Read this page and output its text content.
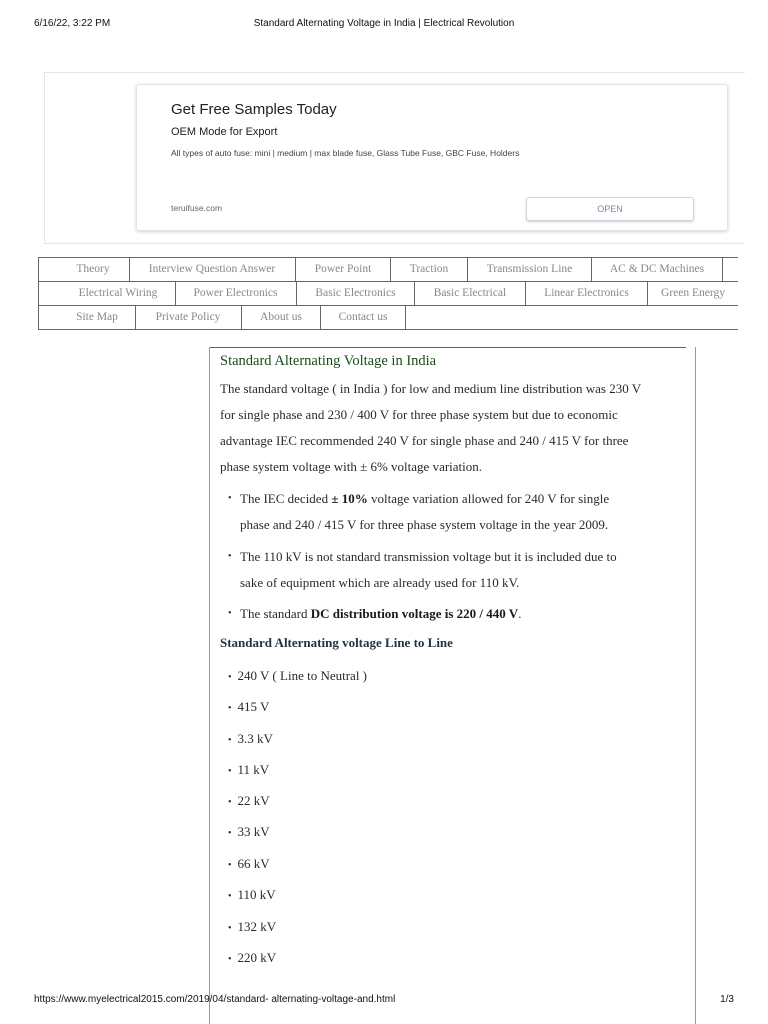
6/16/22, 3:22 PM	Standard Alternating Voltage in India | Electrical Revolution
Get Free Samples Today
OEM Mode for Export
All types of auto fuse: mini | medium | max blade fuse, Glass Tube Fuse, GBC Fuse, Holders
teruifuse.com	OPEN
Theory	Interview Question Answer	Power Point	Traction	Transmission Line	AC & DC Machines
Electrical Wiring	Power Electronics	Basic Electronics	Basic Electrical	Linear Electronics	Green Energy
Site Map	Private Policy	About us	Contact us
Standard Alternating Voltage in India
The standard voltage ( in India ) for low and medium line distribution was 230 V
for single phase and 230 / 400 V for three phase system but due to economic
advantage IEC recommended 240 V for single phase and 240 / 415 V for three
phase system voltage with ± 6% voltage variation.
• The IEC decided ± 10% voltage variation allowed for 240 V for single
phase and 240 / 415 V for three phase system voltage in the year 2009.
• The 110 kV is not standard transmission voltage but it is included due to
sake of equipment which are already used for 110 kV.
• The standard DC distribution voltage is 220 / 440 V.
Standard Alternating voltage Line to Line
• 240 V ( Line to Neutral )
• 415 V
• 3.3 kV
• 11 kV
• 22 kV
• 33 kV
• 66 kV
• 110 kV
• 132 kV
• 220 kV
https://www.myelectrical2015.com/2019/04/standard- alternating-voltage-and.html	1/3
